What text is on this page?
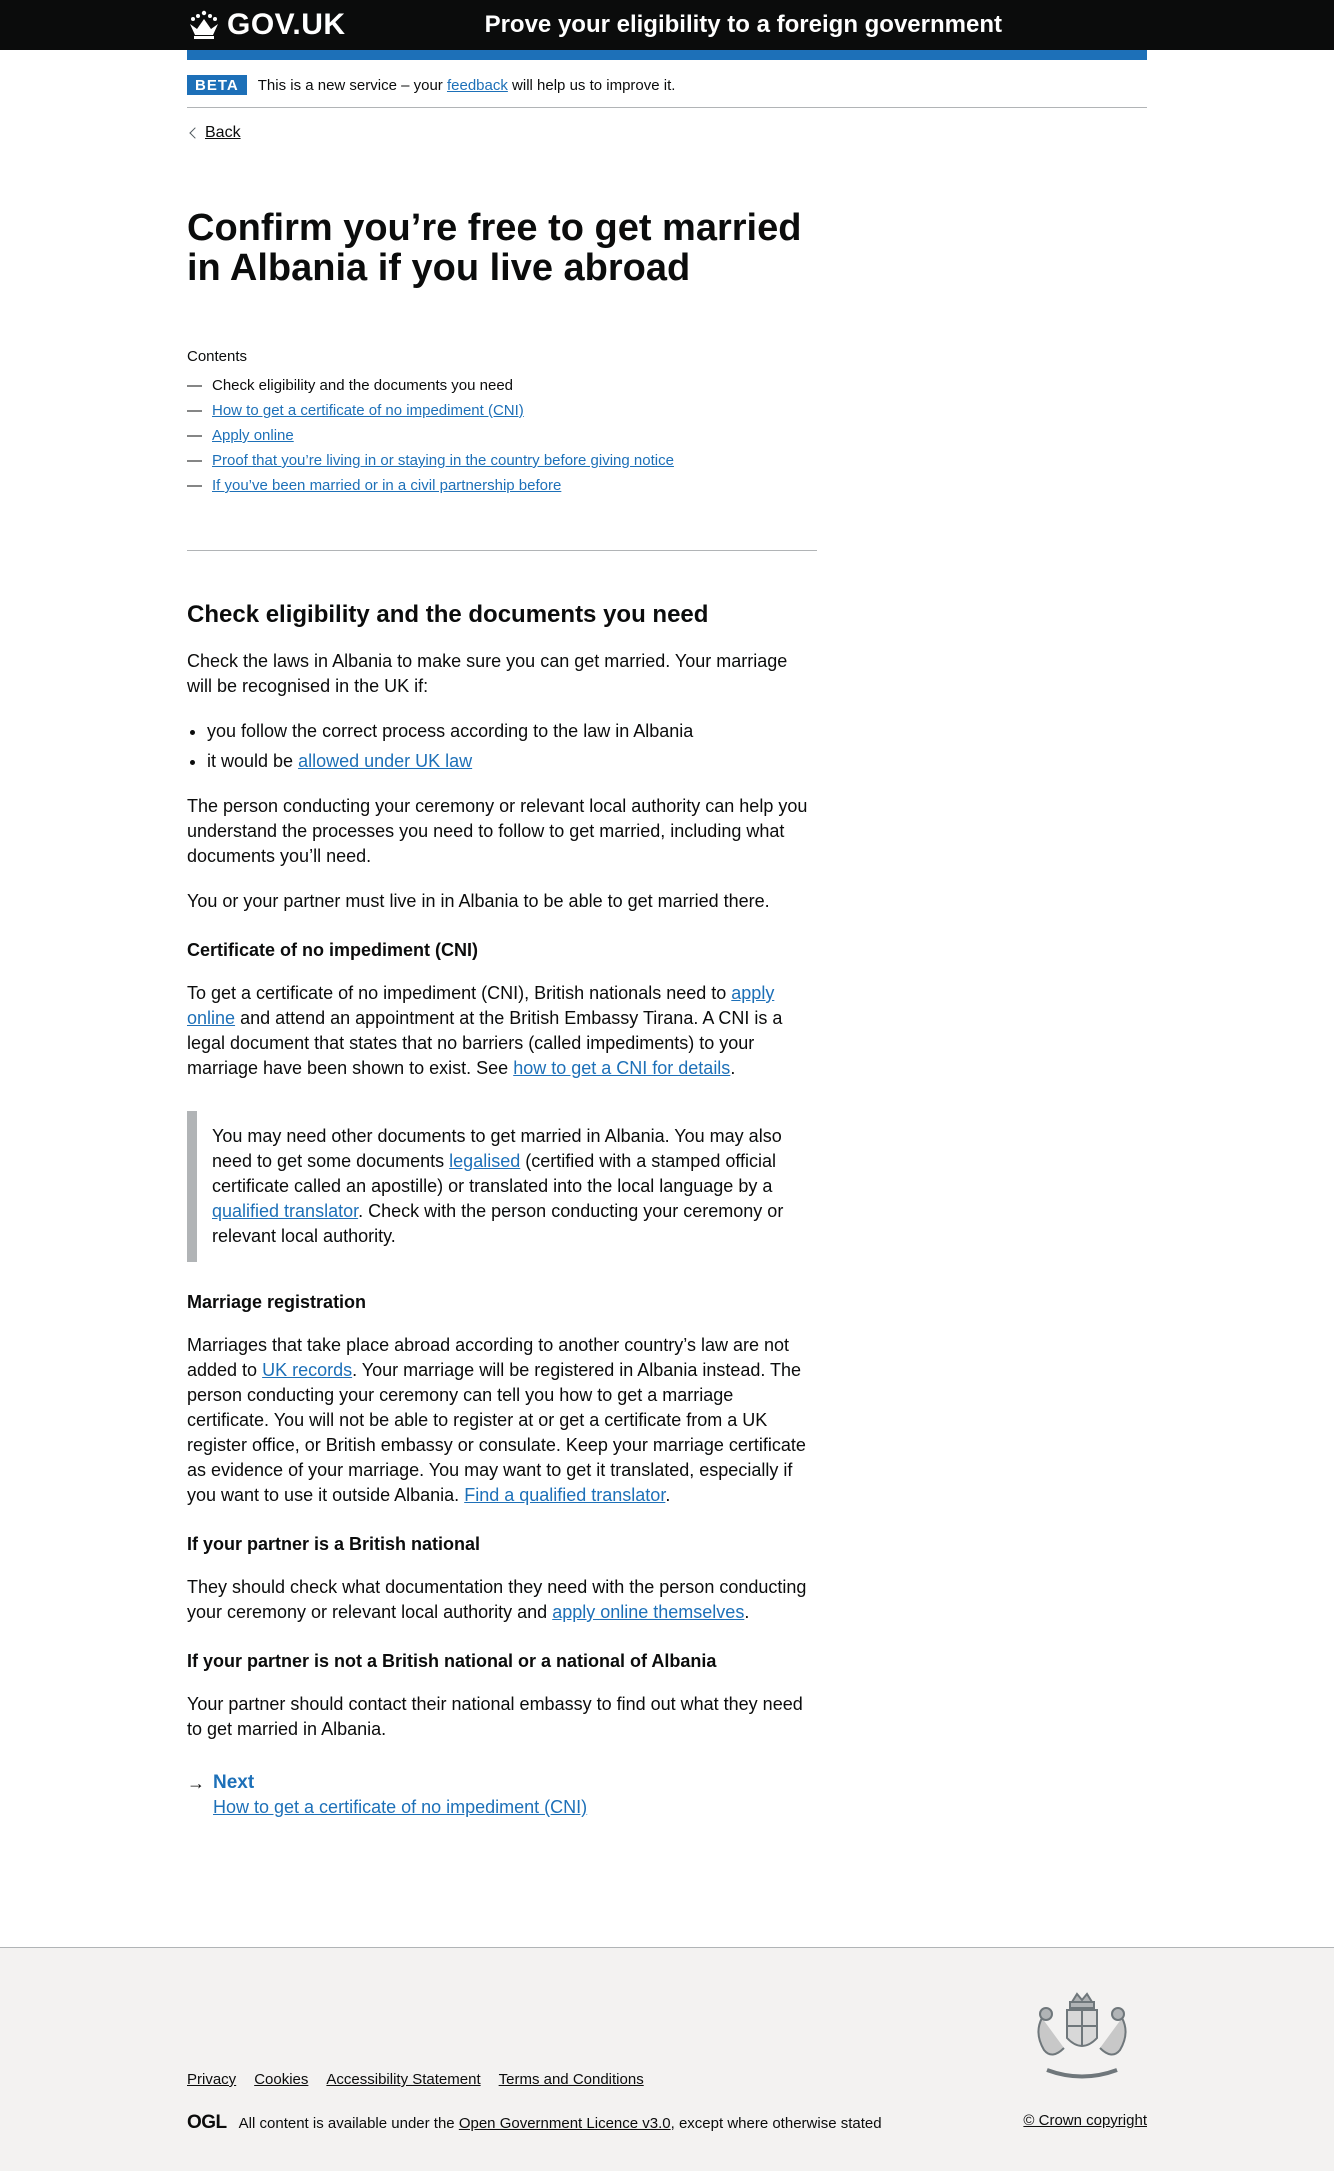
GOV.UK	Prove your eligibility to a foreign government
BETA	This is a new service – your feedback will help us to improve it.
Back
Confirm you’re free to get married in Albania if you live abroad
Contents
— Check eligibility and the documents you need
— How to get a certificate of no impediment (CNI)
— Apply online
— Proof that you’re living in or staying in the country before giving notice
— If you’ve been married or in a civil partnership before
Check eligibility and the documents you need

Check the laws in Albania to make sure you can get married. Your marriage will be recognised in the UK if:

• you follow the correct process according to the law in Albania
• it would be allowed under UK law

The person conducting your ceremony or relevant local authority can help you understand the processes you need to follow to get married, including what documents you’ll need.

You or your partner must live in in Albania to be able to get married there.

Certificate of no impediment (CNI)

To get a certificate of no impediment (CNI), British nationals need to apply online and attend an appointment at the British Embassy Tirana. A CNI is a legal document that states that no barriers (called impediments) to your marriage have been shown to exist. See how to get a CNI for details.

You may need other documents to get married in Albania. You may also need to get some documents legalised (certified with a stamped official certificate called an apostille) or translated into the local language by a qualified translator. Check with the person conducting your ceremony or relevant local authority.

Marriage registration

Marriages that take place abroad according to another country’s law are not added to UK records. Your marriage will be registered in Albania instead. The person conducting your ceremony can tell you how to get a marriage certificate. You will not be able to register at or get a certificate from a UK register office, or British embassy or consulate. Keep your marriage certificate as evidence of your marriage. You may want to get it translated, especially if you want to use it outside Albania. Find a qualified translator.

If your partner is a British national

They should check what documentation they need with the person conducting your ceremony or relevant local authority and apply online themselves.

If your partner is not a British national or a national of Albania

Your partner should contact their national embassy to find out what they need to get married in Albania.

→ Next
How to get a certificate of no impediment (CNI)
Privacy Cookies Accessibility Statement Terms and Conditions
OGL All content is available under the Open Government Licence v3.0, except where otherwise stated	© Crown copyright
